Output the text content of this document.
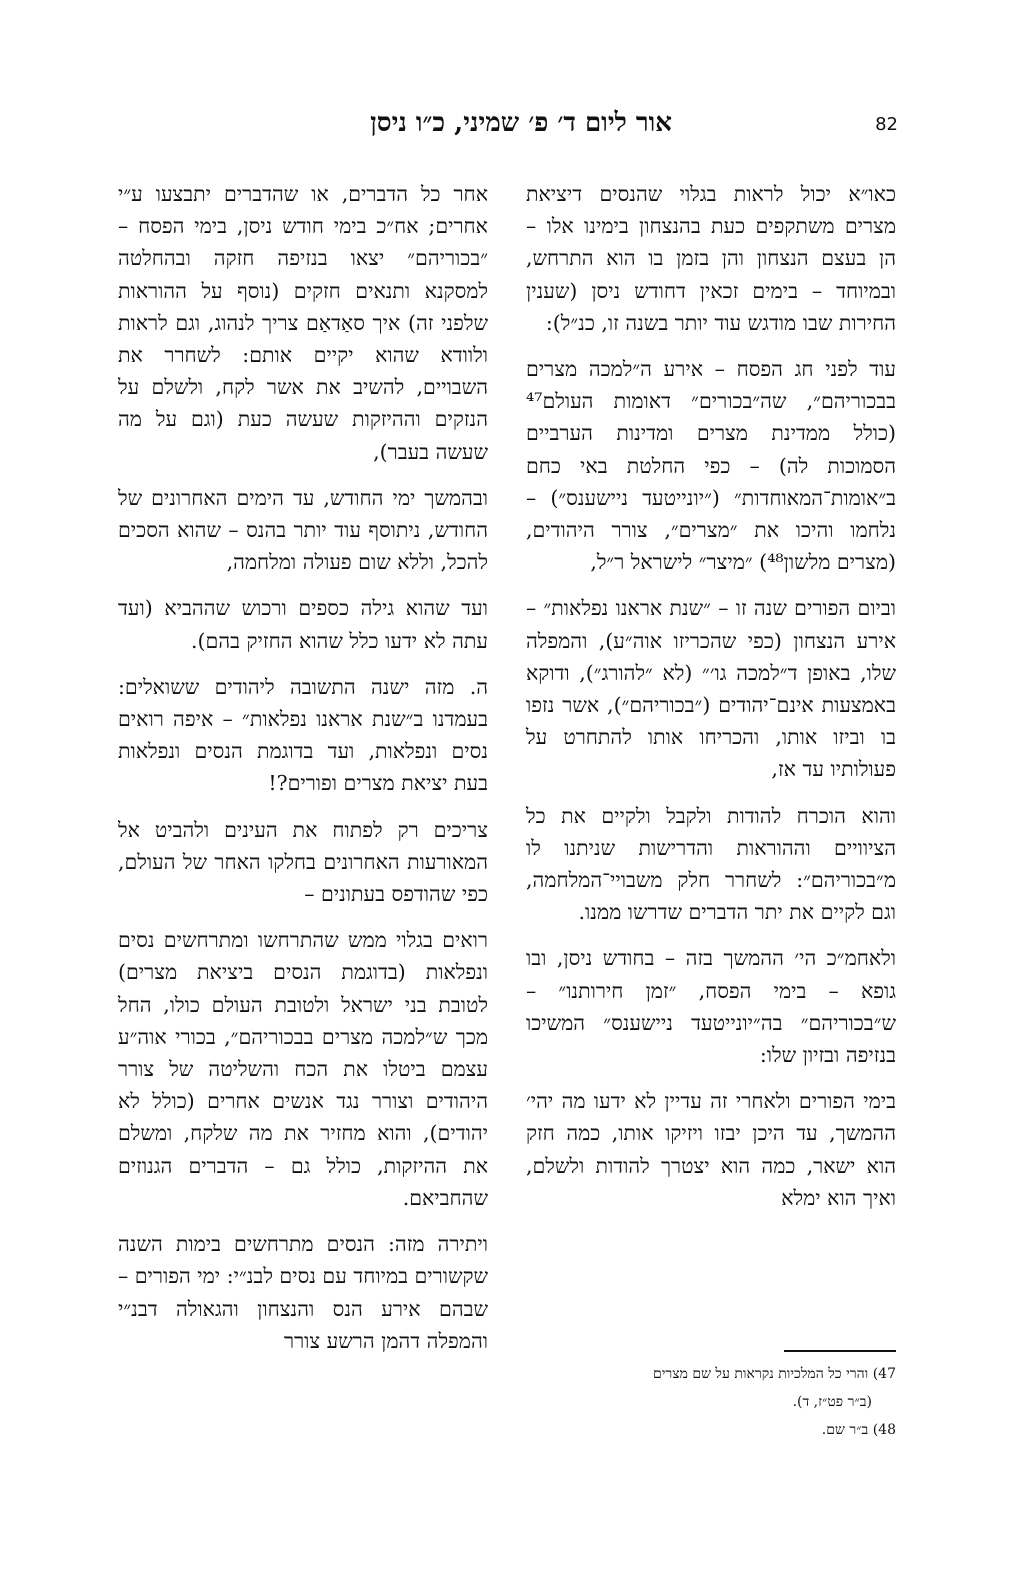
אור ליום ד׳ פ׳ שמיני, כ״ו ניסן	82

כאו״א יכול לראות בגלוי שהנסים דיציאת מצרים משתקפים כעת בהנצחון בימינו אלו – הן בעצם הנצחון והן בזמן בו הוא התרחש, ובמיוחד – בימים זכאין דחודש ניסן (שענין החירות שבו מודגש עוד יותר בשנה זו, כנ״ל):

עוד לפני חג הפסח – אירע ה״למכה מצרים בבכוריהם״, שה״בכורים״ דאומות העולם⁴⁷ (כולל ממדינת מצרים ומדינות הערביים הסמוכות לה) – כפי החלטת באי כחם ב״אומות־המאוחדות״ (״יונייטעד ניישענס״) – נלחמו והיכו את ״מצרים״, צורר היהודים, (מצרים מלשון⁴⁸) ״מיצר״ לישראל ר״ל,

וביום הפורים שנה זו – ״שנת אראנו נפלאות״ – אירע הנצחון (כפי שהכריזו אוה״ע), והמפלה שלו, באופן ד״למכה גו׳״ (לא ״להורג״), ודוקא באמצעות אינם־יהודים (״בכוריהם״), אשר נזפו בו וביזו אותו, והכריחו אותו להתחרט על פעולותיו עד אז,

והוא הוכרח להודות ולקבל ולקיים את כל הציוויים וההוראות והדרישות שניתנו לו מ״בכוריהם״: לשחרר חלק משבויי־המלחמה, וגם לקיים את יתר הדברים שדרשו ממנו.

ולאחמ״כ הי׳ ההמשך בזה – בחודש ניסן, ובו גופא – בימי הפסח, ״זמן חירותנו״ – ש״בכוריהם״ בה״יונייטעד ניישענס״ המשיכו בנזיפה ובזיון שלו:

בימי הפורים ולאחרי זה עדיין לא ידעו מה יהי׳ ההמשך, עד היכן יבזו ויזיקו אותו, כמה חזק הוא ישאר, כמה הוא יצטרך להודות ולשלם, ואיך הוא ימלא

אחר כל הדברים, או שהדברים יתבצעו ע״י אחרים; אח״כ בימי חודש ניסן, בימי הפסח – ״בכוריהם״ יצאו בנזיפה חזקה ובהחלטה למסקנא ותנאים חזקים (נוסף על ההוראות שלפני זה) איך סאַדאַם צריך לנהוג, וגם לראות ולוודא שהוא יקיים אותם: לשחרר את השבויים, להשיב את אשר לקח, ולשלם על הנזקים וההיזקות שעשה כעת (וגם על מה שעשה בעבר),

ובהמשך ימי החודש, עד הימים האחרונים של החודש, ניתוסף עוד יותר בהנס – שהוא הסכים להכל, וללא שום פעולה ומלחמה,

ועד שהוא גילה כספים ורכוש שההביא (ועד עתה לא ידעו כלל שהוא החזיק בהם).

ה. מזה ישנה התשובה ליהודים ששואלים: בעמדנו ב״שנת אראנו נפלאות״ – איפה רואים נסים ונפלאות, ועד בדוגמת הנסים ונפלאות בעת יציאת מצרים ופורים?!

צריכים רק לפתוח את העינים ולהביט אל המאורעות האחרונים בחלקו האחר של העולם, כפי שהודפס בעתונים –

רואים בגלוי ממש שהתרחשו ומתרחשים נסים ונפלאות (בדוגמת הנסים ביציאת מצרים) לטובת בני ישראל ולטובת העולם כולו, החל מכך ש״למכה מצרים בבכוריהם״, בכורי אוה״ע עצמם ביטלו את הכח והשליטה של צורר היהודים וצורר נגד אנשים אחרים (כולל לא יהודים), והוא מחזיר את מה שלקח, ומשלם את ההיזקות, כולל גם – הדברים הגנוזים שהחביאם.

ויתירה מזה: הנסים מתרחשים בימות השנה שקשורים במיוחד עם נסים לבנ״י: ימי הפורים – שבהם אירע הנס והנצחון והגאולה דבנ״י והמפלה דהמן הרשע צורר

47) והרי כל המלכיות נקראות על שם מצרים

(ב״ר פט״ז, ד).

48) ב״ר שם.
